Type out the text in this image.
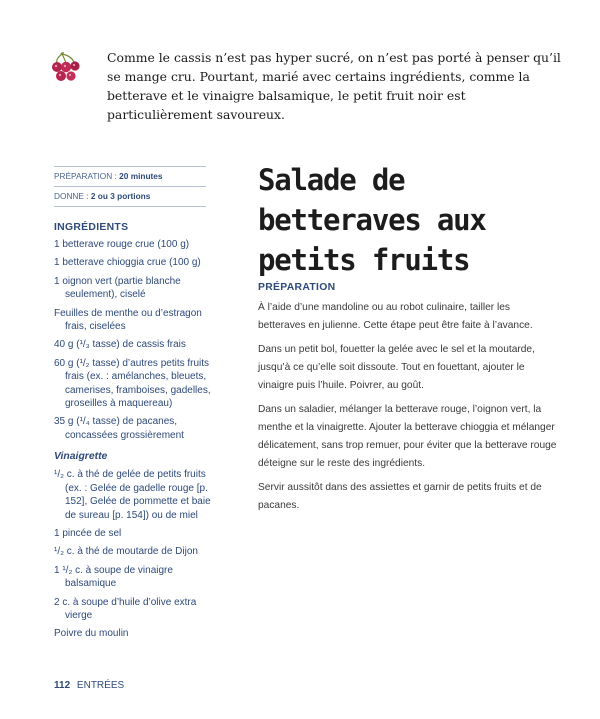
Comme le cassis n’est pas hyper sucré, on n’est pas porté à penser qu’il se mange cru. Pourtant, marié avec certains ingrédients, comme la betterave et le vinaigre balsamique, le petit fruit noir est particulièrement savoureux.

PRÉPARATION : 20 minutes
DONNE : 2 ou 3 portions
INGRÉDIENTS
1 betterave rouge crue (100 g)
1 betterave chioggia crue (100 g)
1 oignon vert (partie blanche seulement), ciselé
Feuilles de menthe ou d’estragon frais, ciselées
40 g (¹/₃ tasse) de cassis frais
60 g (¹/₂ tasse) d’autres petits fruits frais (ex. : amélanches, bleuets, camerises, framboises, gadelles, groseilles à maquereau)
35 g (¹/₄ tasse) de pacanes, concassées grossièrement
Vinaigrette
¹/₂ c. à thé de gelée de petits fruits (ex. : Gelée de gadelle rouge [p. 152], Gelée de pommette et baie de sureau [p. 154]) ou de miel
1 pincée de sel
¹/₂ c. à thé de moutarde de Dijon
1 ¹/₂ c. à soupe de vinaigre balsamique
2 c. à soupe d’huile d’olive extra vierge
Poivre du moulin
Salade de betteraves aux petits fruits
PRÉPARATION

À l’aide d’une mandoline ou au robot culinaire, tailler les betteraves en julienne. Cette étape peut être faite à l’avance.

Dans un petit bol, fouetter la gelée avec le sel et la moutarde, jusqu’à ce qu’elle soit dissoute. Tout en fouettant, ajouter le vinaigre puis l’huile. Poivrer, au goût.

Dans un saladier, mélanger la betterave rouge, l’oignon vert, la menthe et la vinaigrette. Ajouter la betterave chioggia et mélanger délicatement, sans trop remuer, pour éviter que la betterave rouge déteigne sur le reste des ingrédients.

Servir aussitôt dans des assiettes et garnir de petits fruits et de pacanes.

112 ENTRÉES
